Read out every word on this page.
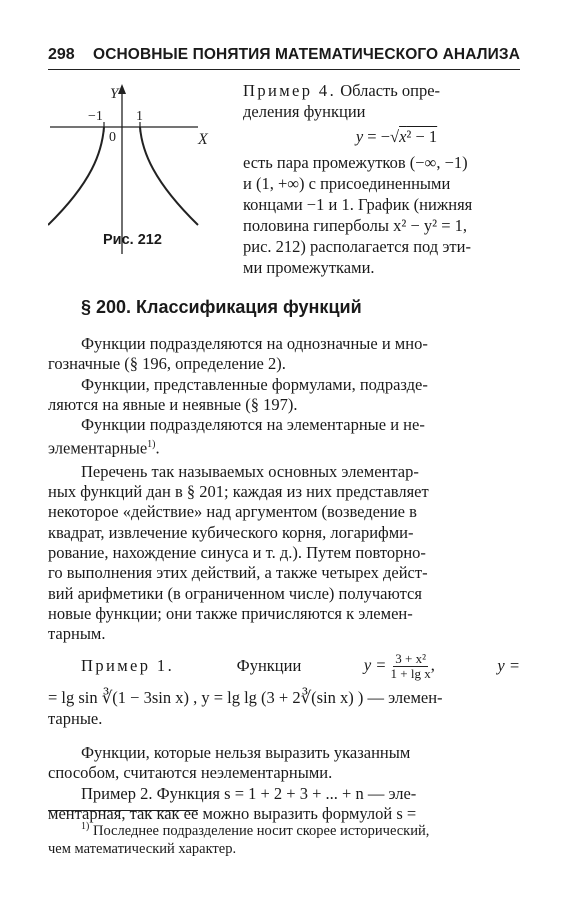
298 ОСНОВНЫЕ ПОНЯТИЯ МАТЕМАТИЧЕСКОГО АНАЛИЗА
Y
X
0
−1 1
Рис. 212
Пример 4. Область опре-
деления функции
y = −√x² − 1
есть пара промежутков (−∞, −1)
и (1, +∞) с присоединенными
концами −1 и 1. График (нижняя
половина гиперболы x² − y² = 1,
рис. 212) располагается под эти-
ми промежутками.
§ 200. Классификация функций
Функции подразделяются на однозначные и мно-
гозначные (§ 196, определение 2).
Функции, представленные формулами, подразде-
ляются на явные и неявные (§ 197).
Функции подразделяются на элементарные и не-
элементарные$^{1)}$.
Перечень так называемых основных элементар-
ных функций дан в § 201; каждая из них представляет
некоторое «действие» над аргументом (возведение в
квадрат, извлечение кубического корня, логарифми-
рование, нахождение синуса и т. д.). Путем повторно-
го выполнения этих действий, а также четырех дейст-
вий арифметики (в ограниченном числе) получаются
новые функции; они также причисляются к элемен-
тарным.
Пример 1.	Функции	$y = \frac{\text{3 + x²}}{\text{1 + lg x}}$ ,	y =
= lg sin ∛(1 − 3sin x) , y = lg lg (3 + 2∛(sin x) ) — элемен-
тарные.
Функции, которые нельзя выразить указанным
способом, считаются неэлементарными.
Пример 2. Функция s = 1 + 2 + 3 + ... + n — эле-
ментарная, так как ее можно выразить формулой s =
$^{1)}$ Последнее подразделение носит скорее исторический,
чем математический характер.
